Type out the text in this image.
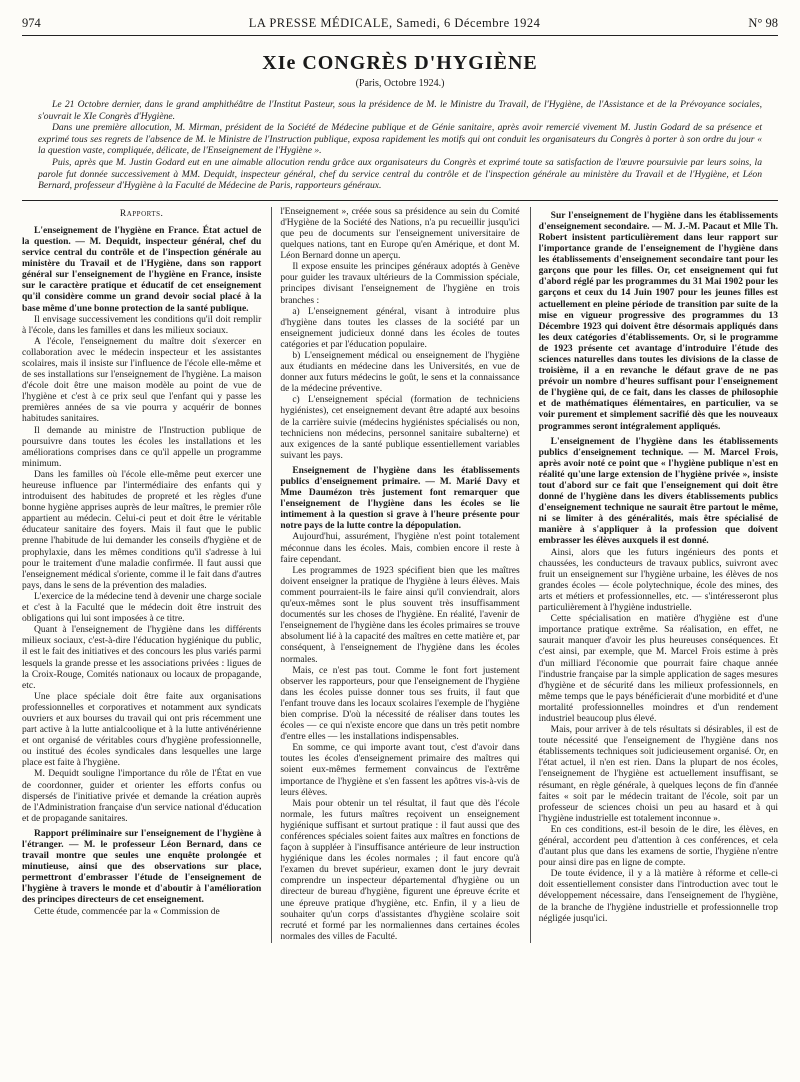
974	LA PRESSE MÉDICALE, Samedi, 6 Décembre 1924	N° 98
XIe CONGRÈS D'HYGIÈNE
(Paris, Octobre 1924.)

Le 21 Octobre dernier, dans le grand amphithéâtre de l'Institut Pasteur, sous la présidence de M. le Ministre du Travail, de l'Hygiène, de l'Assistance et de la Prévoyance sociales, s'ouvrait le XIe Congrès d'Hygiène.

Dans une première allocution, M. Mirman, président de la Société de Médecine publique et de Génie sanitaire, après avoir remercié vivement M. Justin Godard de sa présence et exprimé tous ses regrets de l'absence de M. le Ministre de l'Instruction publique, exposa rapidement les motifs qui ont conduit les organisateurs du Congrès à porter à son ordre du jour « la question vaste, compliquée, délicate, de l'Enseignement de l'Hygiène ».

Puis, après que M. Justin Godard eut en une aimable allocution rendu grâce aux organisateurs du Congrès et exprimé toute sa satisfaction de l'œuvre poursuivie par leurs soins, la parole fut donnée successivement à MM. Dequidt, inspecteur général, chef du service central du contrôle et de l'inspection générale au ministère du Travail et de l'Hygiène, et Léon Bernard, professeur d'Hygiène à la Faculté de Médecine de Paris, rapporteurs généraux.

Rapports.

L'enseignement de l'hygiène en France. État actuel de la question. — M. Dequidt, inspecteur général, chef du service central du contrôle et de l'inspection générale au ministère du Travail et de l'Hygiène, dans son rapport général sur l'enseignement de l'hygiène en France, insiste sur le caractère pratique et éducatif de cet enseignement qu'il considère comme un grand devoir social placé à la base même d'une bonne protection de la santé publique.

Il envisage successivement les conditions qu'il doit remplir à l'école, dans les familles et dans les milieux sociaux.

A l'école, l'enseignement du maître doit s'exercer en collaboration avec le médecin inspecteur et les assistantes scolaires, mais il insiste sur l'influence de l'école elle-même et de ses installations sur l'enseignement de l'hygiène. La maison d'école doit être une maison modèle au point de vue de l'hygiène et c'est à ce prix seul que l'enfant qui y passe les premières années de sa vie pourra y acquérir de bonnes habitudes sanitaires.

Il demande au ministre de l'Instruction publique de poursuivre dans toutes les écoles les installations et les améliorations comprises dans ce qu'il appelle un programme minimum.

Dans les familles où l'école elle-même peut exercer une heureuse influence par l'intermédiaire des enfants qui y introduisent des habitudes de propreté et les règles d'une bonne hygiène apprises auprès de leur maîtres, le premier rôle appartient au médecin. Celui-ci peut et doit être le véritable éducateur sanitaire des foyers. Mais il faut que le public prenne l'habitude de lui demander les conseils d'hygiène et de prophylaxie, dans les mêmes conditions qu'il s'adresse à lui pour le traitement d'une maladie confirmée. Il faut aussi que l'enseignement médical s'oriente, comme il le fait dans d'autres pays, dans le sens de la prévention des maladies.

L'exercice de la médecine tend à devenir une charge sociale et c'est à la Faculté que le médecin doit être instruit des obligations qui lui sont imposées à ce titre.

Quant à l'enseignement de l'hygiène dans les différents milieux sociaux, c'est-à-dire l'éducation hygiénique du public, il est le fait des initiatives et des concours les plus variés parmi lesquels la grande presse et les associations privées : ligues de la Croix-Rouge, Comités nationaux ou locaux de propagande, etc.

Une place spéciale doit être faite aux organisations professionnelles et corporatives et notamment aux syndicats ouvriers et aux bourses du travail qui ont pris récemment une part active à la lutte antialcoolique et à la lutte antivénérienne et ont organisé de véritables cours d'hygiène professionnelle, ou institué des écoles syndicales dans lesquelles une large place est faite à l'hygiène.

M. Dequidt souligne l'importance du rôle de l'État en vue de coordonner, guider et orienter les efforts confus ou dispersés de l'initiative privée et demande la création auprès de l'Administration française d'un service national d'éducation et de propagande sanitaires.

Rapport préliminaire sur l'enseignement de l'hygiène à l'étranger. — M. le professeur Léon Bernard, dans ce travail montre que seules une enquête prolongée et minutieuse, ainsi que des observations sur place, permettront d'embrasser l'étude de l'enseignement de l'hygiène à travers le monde et d'aboutir à l'amélioration des principes directeurs de cet enseignement.

Cette étude, commencée par la « Commission de

l'Enseignement », créée sous sa présidence au sein du Comité d'Hygiène de la Société des Nations, n'a pu recueillir jusqu'ici que peu de documents sur l'enseignement universitaire de quelques nations, tant en Europe qu'en Amérique, et dont M. Léon Bernard donne un aperçu.

Il expose ensuite les principes généraux adoptés à Genève pour guider les travaux ultérieurs de la Commission spéciale, principes divisant l'enseignement de l'hygiène en trois branches :

a) L'enseignement général, visant à introduire plus d'hygiène dans toutes les classes de la société par un enseignement judicieux donné dans les écoles de toutes catégories et par l'éducation populaire.

b) L'enseignement médical ou enseignement de l'hygiène aux étudiants en médecine dans les Universités, en vue de donner aux futurs médecins le goût, le sens et la connaissance de la médecine préventive.

c) L'enseignement spécial (formation de techniciens hygiénistes), cet enseignement devant être adapté aux besoins de la carrière suivie (médecins hygiénistes spécialisés ou non, techniciens non médecins, personnel sanitaire subalterne) et aux exigences de la santé publique essentiellement variables suivant les pays.

Enseignement de l'hygiène dans les établissements publics d'enseignement primaire. — M. Marié Davy et Mme Daumézon très justement font remarquer que l'enseignement de l'hygiène dans les écoles se lie intimement à la question si grave à l'heure présente pour notre pays de la lutte contre la dépopulation.

Aujourd'hui, assurément, l'hygiène n'est point totalement méconnue dans les écoles. Mais, combien encore il reste à faire cependant.

Les programmes de 1923 spécifient bien que les maîtres doivent enseigner la pratique de l'hygiène à leurs élèves. Mais comment pourraient-ils le faire ainsi qu'il conviendrait, alors qu'eux-mêmes sont le plus souvent très insuffisamment documentés sur les choses de l'hygiène. En réalité, l'avenir de l'enseignement de l'hygiène dans les écoles primaires se trouve absolument lié à la capacité des maîtres en cette matière et, par conséquent, à l'enseignement de l'hygiène dans les écoles normales.

Mais, ce n'est pas tout. Comme le font fort justement observer les rapporteurs, pour que l'enseignement de l'hygiène dans les écoles puisse donner tous ses fruits, il faut que l'enfant trouve dans les locaux scolaires l'exemple de l'hygiène bien comprise. D'où la nécessité de réaliser dans toutes les écoles — ce qui n'existe encore que dans un très petit nombre d'entre elles — les installations indispensables.

En somme, ce qui importe avant tout, c'est d'avoir dans toutes les écoles d'enseignement primaire des maîtres qui soient eux-mêmes fermement convaincus de l'extrême importance de l'hygiène et s'en fassent les apôtres vis-à-vis de leurs élèves.

Mais pour obtenir un tel résultat, il faut que dès l'école normale, les futurs maîtres reçoivent un enseignement hygiénique suffisant et surtout pratique : il faut aussi que des conférences spéciales soient faites aux maîtres en fonctions de façon à suppléer à l'insuffisance antérieure de leur instruction hygiénique dans les écoles normales ; il faut encore qu'à l'examen du brevet supérieur, examen dont le jury devrait comprendre un inspecteur départemental d'hygiène ou un directeur de bureau d'hygiène, figurent une épreuve écrite et une épreuve pratique d'hygiène, etc. Enfin, il y a lieu de souhaiter qu'un corps d'assistantes d'hygiène scolaire soit recruté et formé par les normaliennes dans certaines écoles normales des villes de Faculté.

Sur l'enseignement de l'hygiène dans les établissements d'enseignement secondaire. — M. J.-M. Pacaut et Mlle Th. Robert insistent particulièrement dans leur rapport sur l'importance grande de l'enseignement de l'hygiène dans les établissements d'enseignement secondaire tant pour les garçons que pour les filles. Or, cet enseignement qui fut d'abord réglé par les programmes du 31 Mai 1902 pour les garçons et ceux du 14 Juin 1907 pour les jeunes filles est actuellement en pleine période de transition par suite de la mise en vigueur progressive des programmes du 13 Décembre 1923 qui doivent être désormais appliqués dans les deux catégories d'établissements. Or, si le programme de 1923 présente cet avantage d'introduire l'étude des sciences naturelles dans toutes les divisions de la classe de troisième, il a en revanche le défaut grave de ne pas prévoir un nombre d'heures suffisant pour l'enseignement de l'hygiène qui, de ce fait, dans les classes de philosophie et de mathématiques élémentaires, en particulier, va se voir purement et simplement sacrifié dès que les nouveaux programmes seront intégralement appliqués.

L'enseignement de l'hygiène dans les établissements publics d'enseignement technique. — M. Marcel Frois, après avoir noté ce point que « l'hygiène publique n'est en réalité qu'une large extension de l'hygiène privée », insiste tout d'abord sur ce fait que l'enseignement qui doit être donné de l'hygiène dans les divers établissements publics d'enseignement technique ne saurait être partout le même, ni se limiter à des généralités, mais être spécialisé de manière à s'appliquer à la profession que doivent embrasser les élèves auxquels il est donné.

Ainsi, alors que les futurs ingénieurs des ponts et chaussées, les conducteurs de travaux publics, suivront avec fruit un enseignement sur l'hygiène urbaine, les élèves de nos grandes écoles — école polytechnique, école des mines, des arts et métiers et professionnelles, etc. — s'intéresseront plus particulièrement à l'hygiène industrielle.

Cette spécialisation en matière d'hygiène est d'une importance pratique extrême. Sa réalisation, en effet, ne saurait manquer d'avoir les plus heureuses conséquences. Et c'est ainsi, par exemple, que M. Marcel Frois estime à près d'un milliard l'économie que pourrait faire chaque année l'industrie française par la simple application de sages mesures d'hygiène et de sécurité dans les milieux professionnels, en même temps que le pays bénéficierait d'une morbidité et d'une mortalité professionnelles moindres et d'un rendement industriel beaucoup plus élevé.

Mais, pour arriver à de tels résultats si désirables, il est de toute nécessité que l'enseignement de l'hygiène dans nos établissements techniques soit judicieusement organisé. Or, en l'état actuel, il n'en est rien. Dans la plupart de nos écoles, l'enseignement de l'hygiène est actuellement insuffisant, se résumant, en règle générale, à quelques leçons de fin d'année faites « soit par le médecin traitant de l'école, soit par un professeur de sciences choisi un peu au hasard et à qui l'hygiène industrielle est totalement inconnue ».

En ces conditions, est-il besoin de le dire, les élèves, en général, accordent peu d'attention à ces conférences, et cela d'autant plus que dans les examens de sortie, l'hygiène n'entre pour ainsi dire pas en ligne de compte.

De toute évidence, il y a là matière à réforme et celle-ci doit essentiellement consister dans l'introduction avec tout le développement nécessaire, dans l'enseignement de l'hygiène, de la branche de l'hygiène industrielle et professionnelle trop négligée jusqu'ici.
